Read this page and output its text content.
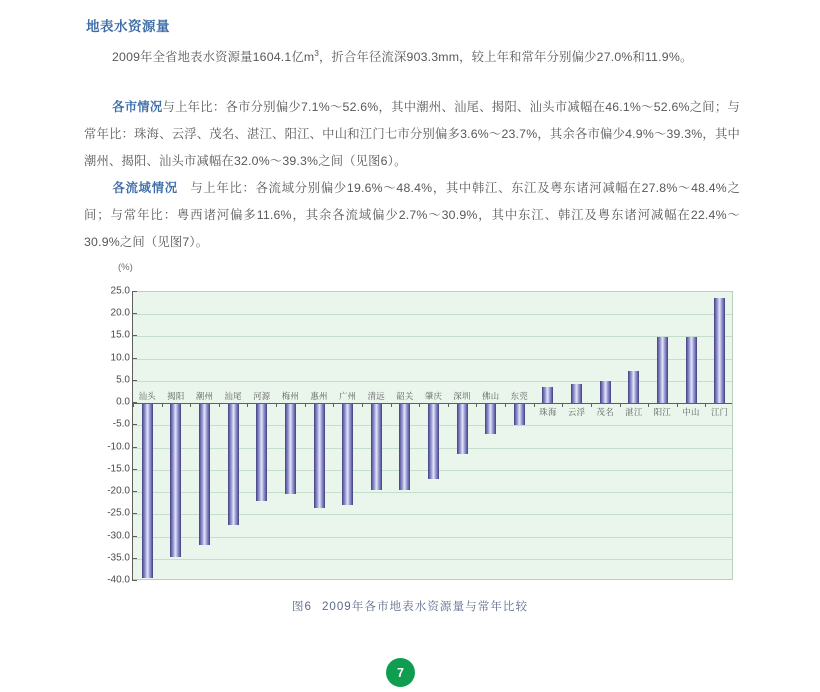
地表水资源量
2009年全省地表水资源量1604.1亿$m^3$，折合年径流深903.3mm，较上年和常年分别偏少27.0%和11.9%。
各市情况与上年比：各市分别偏少7.1%～52.6%，其中潮州、汕尾、揭阳、汕头市减幅在46.1%～52.6%之间；与常年比：珠海、云浮、茂名、湛江、阳江、中山和江门七市分别偏多3.6%～23.7%，其余各市偏少4.9%～39.3%，其中潮州、揭阳、汕头市减幅在32.0%～39.3%之间（见图6）。
各流域情况 与上年比：各流域分别偏少19.6%～48.4%，其中韩江、东江及粤东诸河减幅在27.8%～48.4%之间；与常年比：粤西诸河偏多11.6%，其余各流域偏少2.7%～30.9%，其中东江、韩江及粤东诸河减幅在22.4%～30.9%之间（见图7）。
(%)
汕头 揭阳 潮州 汕尾 河源 梅州 惠州 广州 清远 韶关 肇庆 深圳 佛山 东莞
珠海 云浮 茂名 湛江 阳江 中山 江门
25.0
20.0
15.0
10.0
5.0
0.0
-5.0
-10.0
-15.0
-20.0
-25.0
-30.0
-35.0
-40.0
图6 2009年各市地表水资源量与常年比较
7
